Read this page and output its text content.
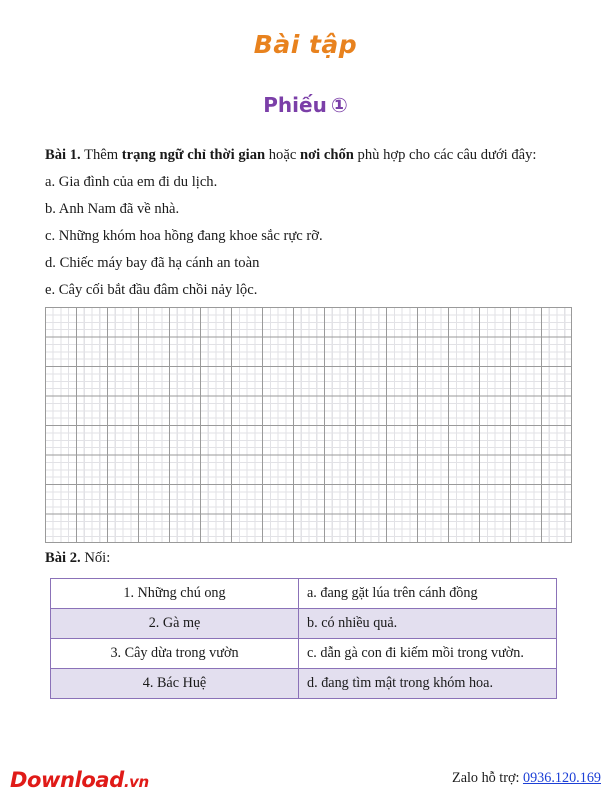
Bài tập
Phiếu ①
Bài 1. Thêm trạng ngữ chỉ thời gian hoặc nơi chốn phù hợp cho các câu dưới đây:
a. Gia đình của em đi du lịch.
b. Anh Nam đã về nhà.
c. Những khóm hoa hồng đang khoe sắc rực rỡ.
d. Chiếc máy bay đã hạ cánh an toàn
e. Cây cối bắt đầu đâm chồi nảy lộc.
Bài 2. Nối:
1. Những chú ong	a. đang gặt lúa trên cánh đồng
2. Gà mẹ	b. có nhiều quả.
3. Cây dừa trong vườn	c. dẫn gà con đi kiếm mồi trong vườn.
4. Bác Huệ	d. đang tìm mật trong khóm hoa.
Download.vn	Zalo hỗ trợ: 0936.120.169
